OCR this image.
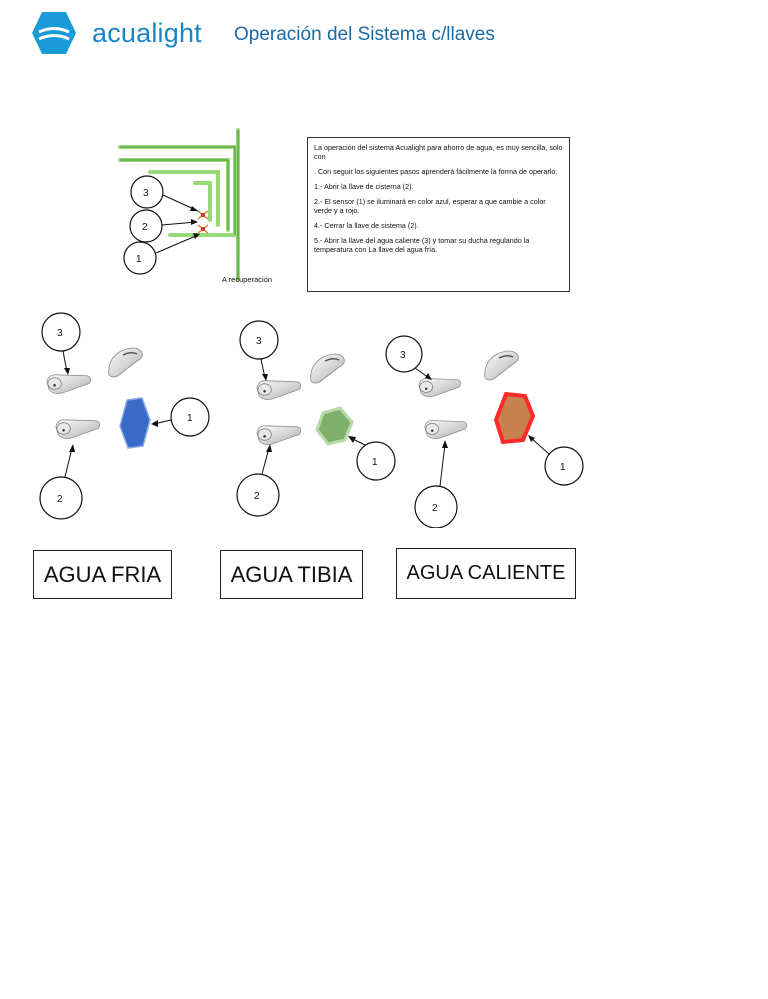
acualight Operación del Sistema c/llaves
3
2
1
A recuperación

La operación del sistema Acualight para ahorro de agua, es muy sencilla, solo con

. Con seguir los siguientes pasos aprenderá fácilmente la forma de operarlo.

1.- Abrir la llave de cisterna (2).

2.- El sensor (1) se iluminará en color azul, esperar a que cambie a color verde y a rojo.

4.- Cerrar la llave de sistema (2).

5.- Abrir la llave del agua caliente (3) y tomar su ducha regulando la temperatura con La llave del agua fría.

3
1
2
3
1
2
3
1
2
AGUA FRIA	AGUA TIBIA	AGUA CALIENTE
